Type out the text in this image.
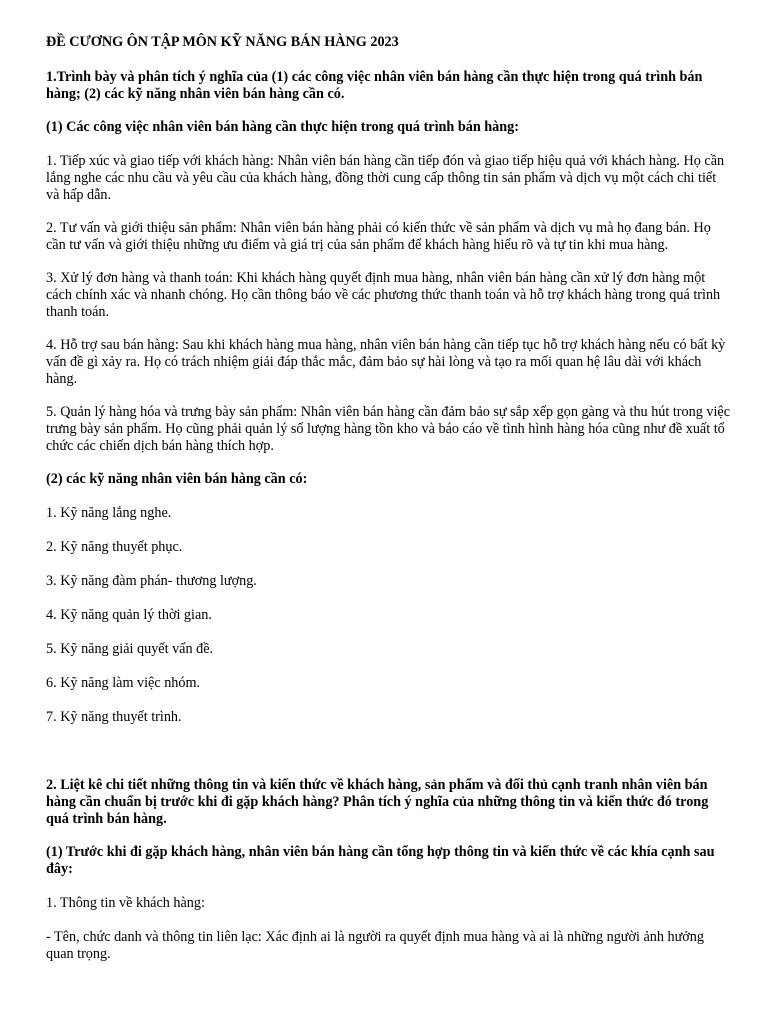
ĐỀ CƯƠNG ÔN TẬP MÔN KỸ NĂNG BÁN HÀNG 2023

1.Trình bày và phân tích ý nghĩa của (1) các công việc nhân viên bán hàng cần thực hiện trong quá trình bán hàng; (2) các kỹ năng nhân viên bán hàng cần có.

(1) Các công việc nhân viên bán hàng cần thực hiện trong quá trình bán hàng:

1. Tiếp xúc và giao tiếp với khách hàng: Nhân viên bán hàng cần tiếp đón và giao tiếp hiệu quả với khách hàng. Họ cần lắng nghe các nhu cầu và yêu cầu của khách hàng, đồng thời cung cấp thông tin sản phẩm và dịch vụ một cách chi tiết và hấp dẫn.

2. Tư vấn và giới thiệu sản phẩm: Nhân viên bán hàng phải có kiến thức về sản phẩm và dịch vụ mà họ đang bán. Họ cần tư vấn và giới thiệu những ưu điểm và giá trị của sản phẩm để khách hàng hiểu rõ và tự tin khi mua hàng.

3. Xử lý đơn hàng và thanh toán: Khi khách hàng quyết định mua hàng, nhân viên bán hàng cần xử lý đơn hàng một cách chính xác và nhanh chóng. Họ cần thông báo về các phương thức thanh toán và hỗ trợ khách hàng trong quá trình thanh toán.

4. Hỗ trợ sau bán hàng: Sau khi khách hàng mua hàng, nhân viên bán hàng cần tiếp tục hỗ trợ khách hàng nếu có bất kỳ vấn đề gì xảy ra. Họ có trách nhiệm giải đáp thắc mắc, đảm bảo sự hài lòng và tạo ra mối quan hệ lâu dài với khách hàng.

5. Quản lý hàng hóa và trưng bày sản phẩm: Nhân viên bán hàng cần đảm bảo sự sắp xếp gọn gàng và thu hút trong việc trưng bày sản phẩm. Họ cũng phải quản lý số lượng hàng tồn kho và báo cáo về tình hình hàng hóa cũng như đề xuất tổ chức các chiến dịch bán hàng thích hợp.

(2) các kỹ năng nhân viên bán hàng cần có:

1. Kỹ năng lắng nghe.

2. Kỹ năng thuyết phục.

3. Kỹ năng đàm phán- thương lượng.

4. Kỹ năng quản lý thời gian.

5. Kỹ năng giải quyết vấn đề.

6. Kỹ năng làm việc nhóm.

7. Kỹ năng thuyết trình.

2. Liệt kê chi tiết những thông tin và kiến thức về khách hàng, sản phẩm và đối thủ cạnh tranh nhân viên bán hàng cần chuẩn bị trước khi đi gặp khách hàng? Phân tích ý nghĩa của những thông tin và kiến thức đó trong quá trình bán hàng.

(1) Trước khi đi gặp khách hàng, nhân viên bán hàng cần tổng hợp thông tin và kiến thức về các khía cạnh sau đây:

1. Thông tin về khách hàng:

- Tên, chức danh và thông tin liên lạc: Xác định ai là người ra quyết định mua hàng và ai là những người ảnh hưởng quan trọng.
